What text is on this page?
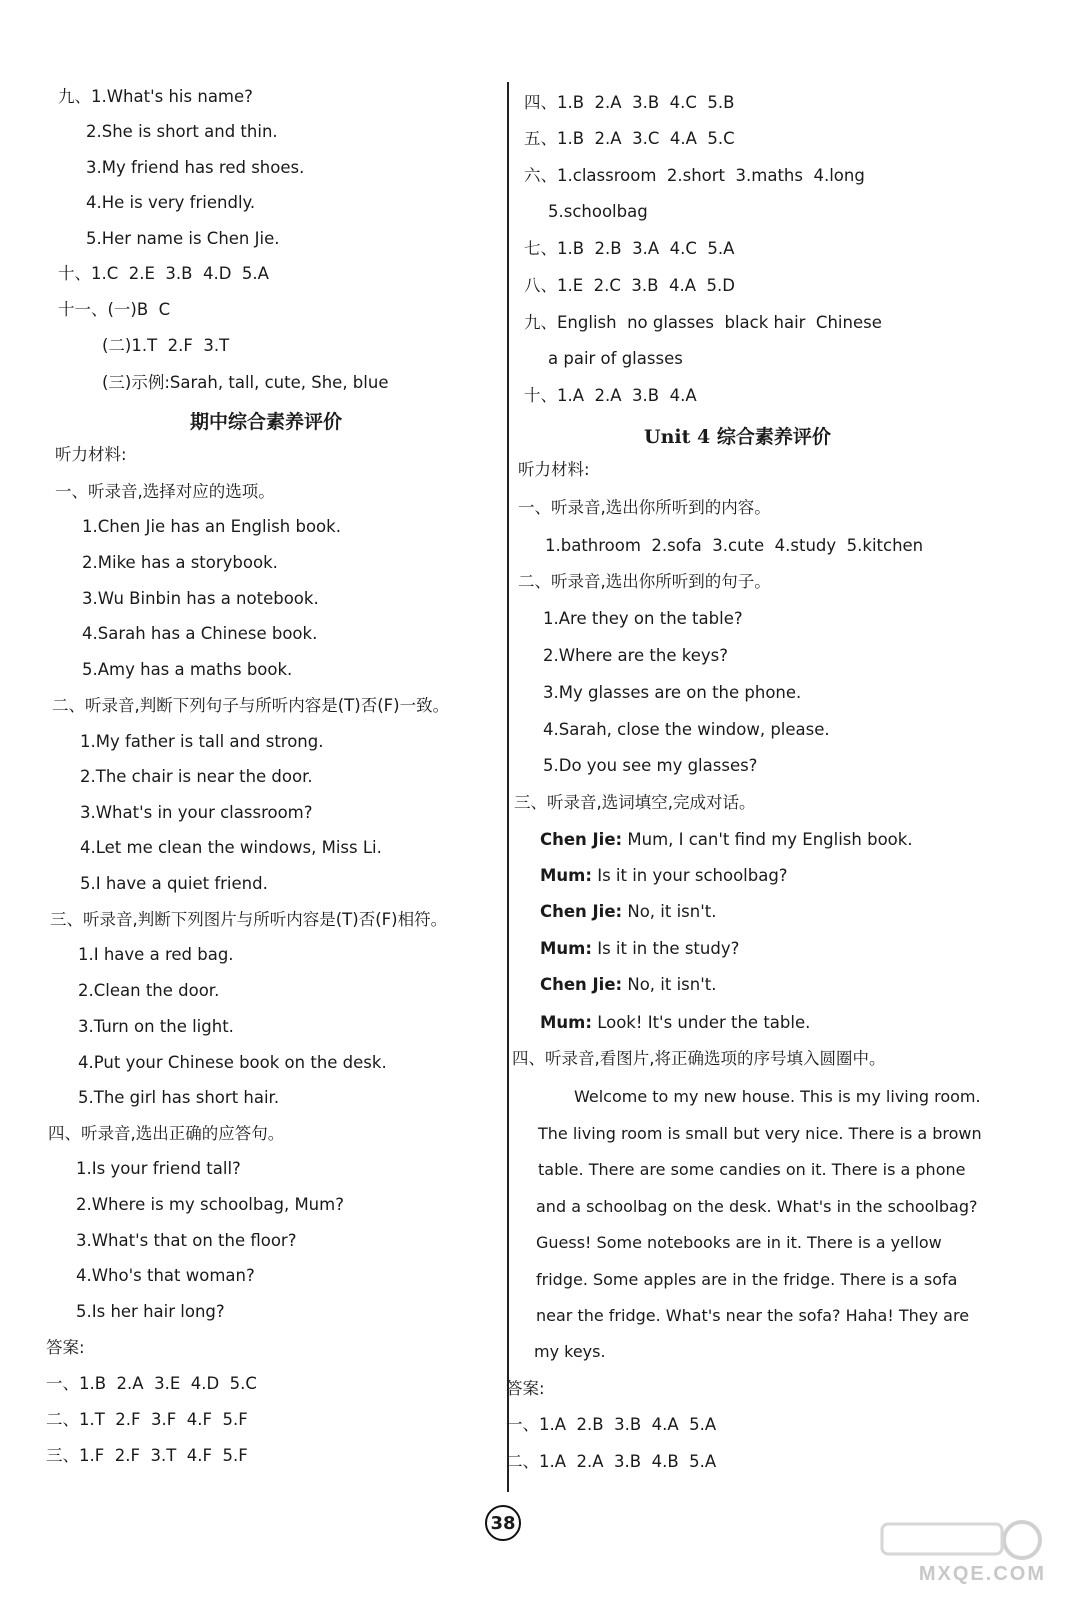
九、1.What's his name?
2.She is short and thin.
3.My friend has red shoes.
4.He is very friendly.
5.Her name is Chen Jie.
十、1.C  2.E  3.B  4.D  5.A
十一、(一)B  C
(二)1.T  2.F  3.T
(三)示例:Sarah, tall, cute, She, blue
期中综合素养评价
听力材料:
一、听录音,选择对应的选项。
1.Chen Jie has an English book.
2.Mike has a storybook.
3.Wu Binbin has a notebook.
4.Sarah has a Chinese book.
5.Amy has a maths book.
二、听录音,判断下列句子与所听内容是(T)否(F)一致。
1.My father is tall and strong.
2.The chair is near the door.
3.What's in your classroom?
4.Let me clean the windows, Miss Li.
5.I have a quiet friend.
三、听录音,判断下列图片与所听内容是(T)否(F)相符。
1.I have a red bag.
2.Clean the door.
3.Turn on the light.
4.Put your Chinese book on the desk.
5.The girl has short hair.
四、听录音,选出正确的应答句。
1.Is your friend tall?
2.Where is my schoolbag, Mum?
3.What's that on the floor?
4.Who's that woman?
5.Is her hair long?
答案:
一、1.B  2.A  3.E  4.D  5.C
二、1.T  2.F  3.F  4.F  5.F
三、1.F  2.F  3.T  4.F  5.F
四、1.B  2.A  3.B  4.C  5.B
五、1.B  2.A  3.C  4.A  5.C
六、1.classroom  2.short  3.maths  4.long
5.schoolbag
七、1.B  2.B  3.A  4.C  5.A
八、1.E  2.C  3.B  4.A  5.D
九、English  no glasses  black hair  Chinese
a pair of glasses
十、1.A  2.A  3.B  4.A
Unit 4 综合素养评价
听力材料:
一、听录音,选出你所听到的内容。
1.bathroom  2.sofa  3.cute  4.study  5.kitchen
二、听录音,选出你所听到的句子。
1.Are they on the table?
2.Where are the keys?
3.My glasses are on the phone.
4.Sarah, close the window, please.
5.Do you see my glasses?
三、听录音,选词填空,完成对话。
Chen Jie: Mum, I can't find my English book.
Mum: Is it in your schoolbag?
Chen Jie: No, it isn't.
Mum: Is it in the study?
Chen Jie: No, it isn't.
Mum: Look! It's under the table.
四、听录音,看图片,将正确选项的序号填入圆圈中。
Welcome to my new house. This is my living room.
The living room is small but very nice. There is a brown
table. There are some candies on it. There is a phone
and a schoolbag on the desk. What's in the schoolbag?
Guess! Some notebooks are in it. There is a yellow
fridge. Some apples are in the fridge. There is a sofa
near the fridge. What's near the sofa? Haha! They are
my keys.
答案:
一、1.A  2.B  3.B  4.A  5.A
二、1.A  2.A  3.B  4.B  5.A
38
MXQE.COM
